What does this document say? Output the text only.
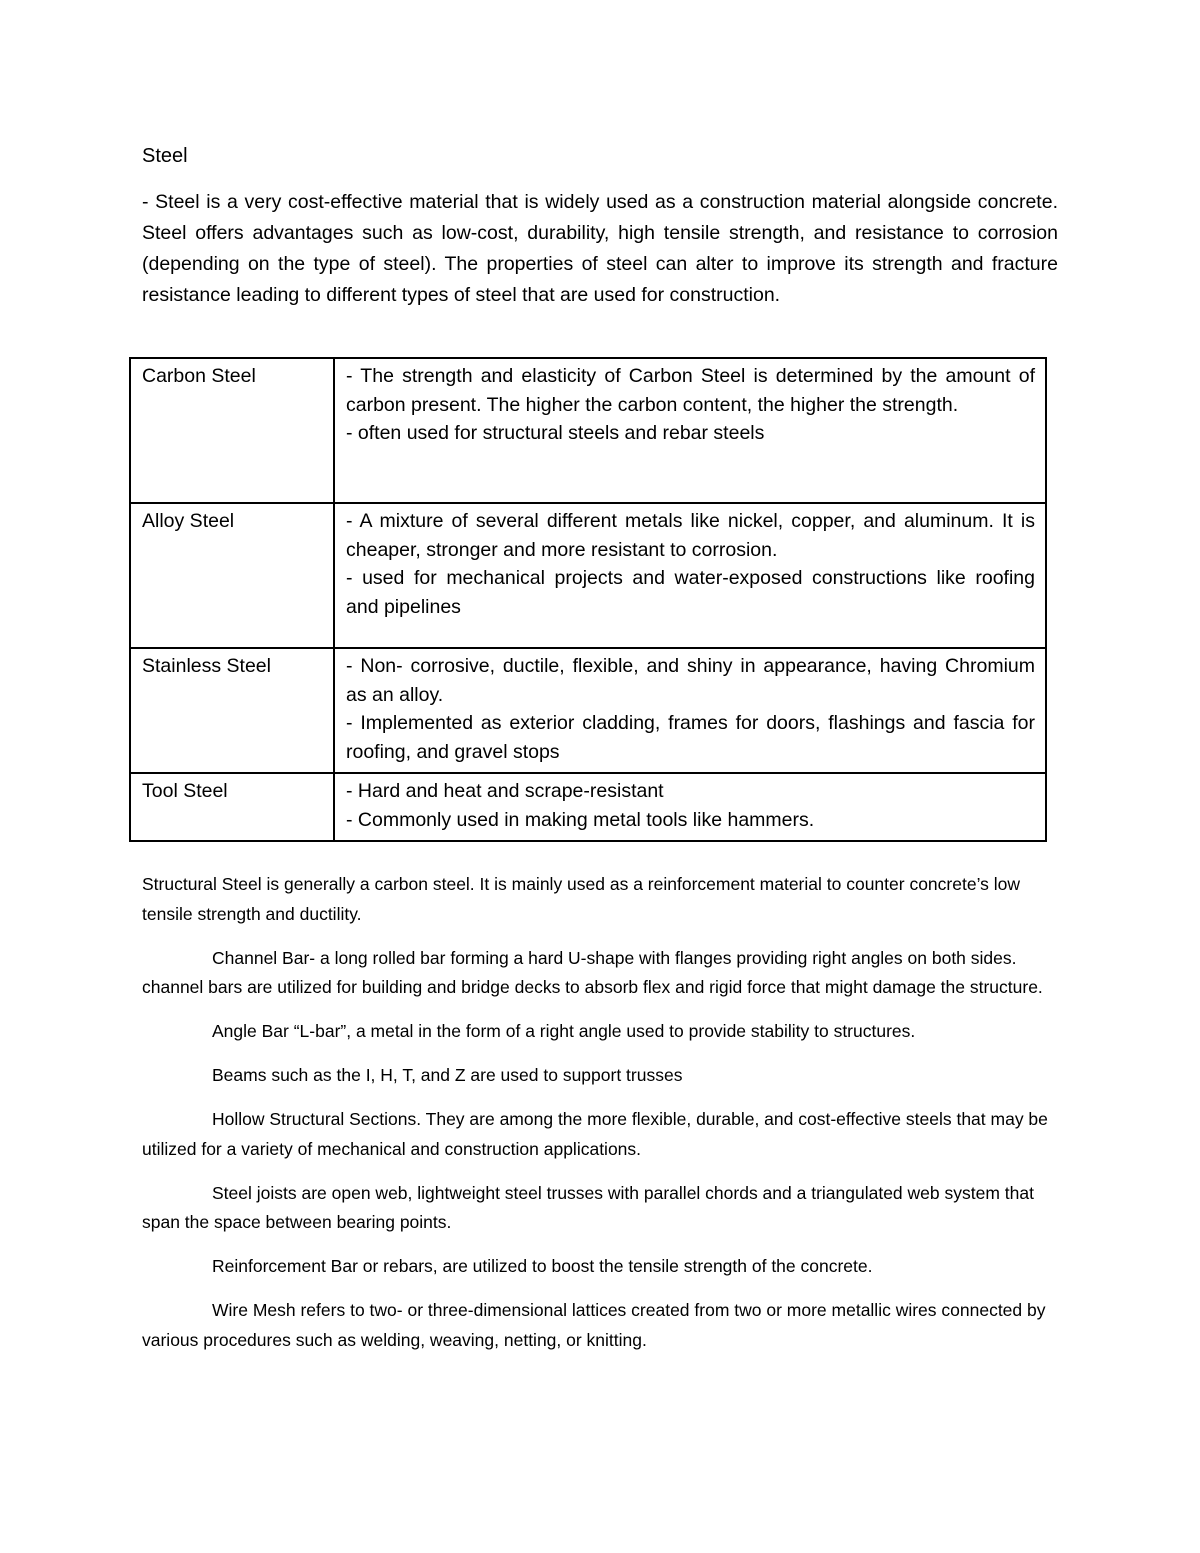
Steel
- Steel is a very cost-effective material that is widely used as a construction material alongside concrete. Steel offers advantages such as low-cost, durability, high tensile strength, and resistance to corrosion (depending on the type of steel). The properties of steel can alter to improve its strength and fracture resistance leading to different types of steel that are used for construction.
Carbon Steel	- The strength and elasticity of Carbon Steel is determined by the amount of carbon present. The higher the carbon content, the higher the strength.
- often used for structural steels and rebar steels

Alloy Steel	- A mixture of several different metals like nickel, copper, and aluminum. It is cheaper, stronger and more resistant to corrosion.
- used for mechanical projects and water-exposed constructions like roofing and pipelines

Stainless Steel	- Non- corrosive, ductile, flexible, and shiny in appearance, having Chromium as an alloy.
- Implemented as exterior cladding, frames for doors, flashings and fascia for roofing, and gravel stops

Tool Steel	- Hard and heat and scrape-resistant
- Commonly used in making metal tools like hammers.

Structural Steel is generally a carbon steel. It is mainly used as a reinforcement material to counter concrete’s low tensile strength and ductility.

Channel Bar- a long rolled bar forming a hard U-shape with flanges providing right angles on both sides. channel bars are utilized for building and bridge decks to absorb flex and rigid force that might damage the structure.

Angle Bar “L-bar”, a metal in the form of a right angle used to provide stability to structures.

Beams such as the I, H, T, and Z are used to support trusses

Hollow Structural Sections. They are among the more flexible, durable, and cost-effective steels that may be utilized for a variety of mechanical and construction applications.

Steel joists are open web, lightweight steel trusses with parallel chords and a triangulated web system that span the space between bearing points.

Reinforcement Bar or rebars, are utilized to boost the tensile strength of the concrete.

Wire Mesh refers to two- or three-dimensional lattices created from two or more metallic wires connected by various procedures such as welding, weaving, netting, or knitting.
